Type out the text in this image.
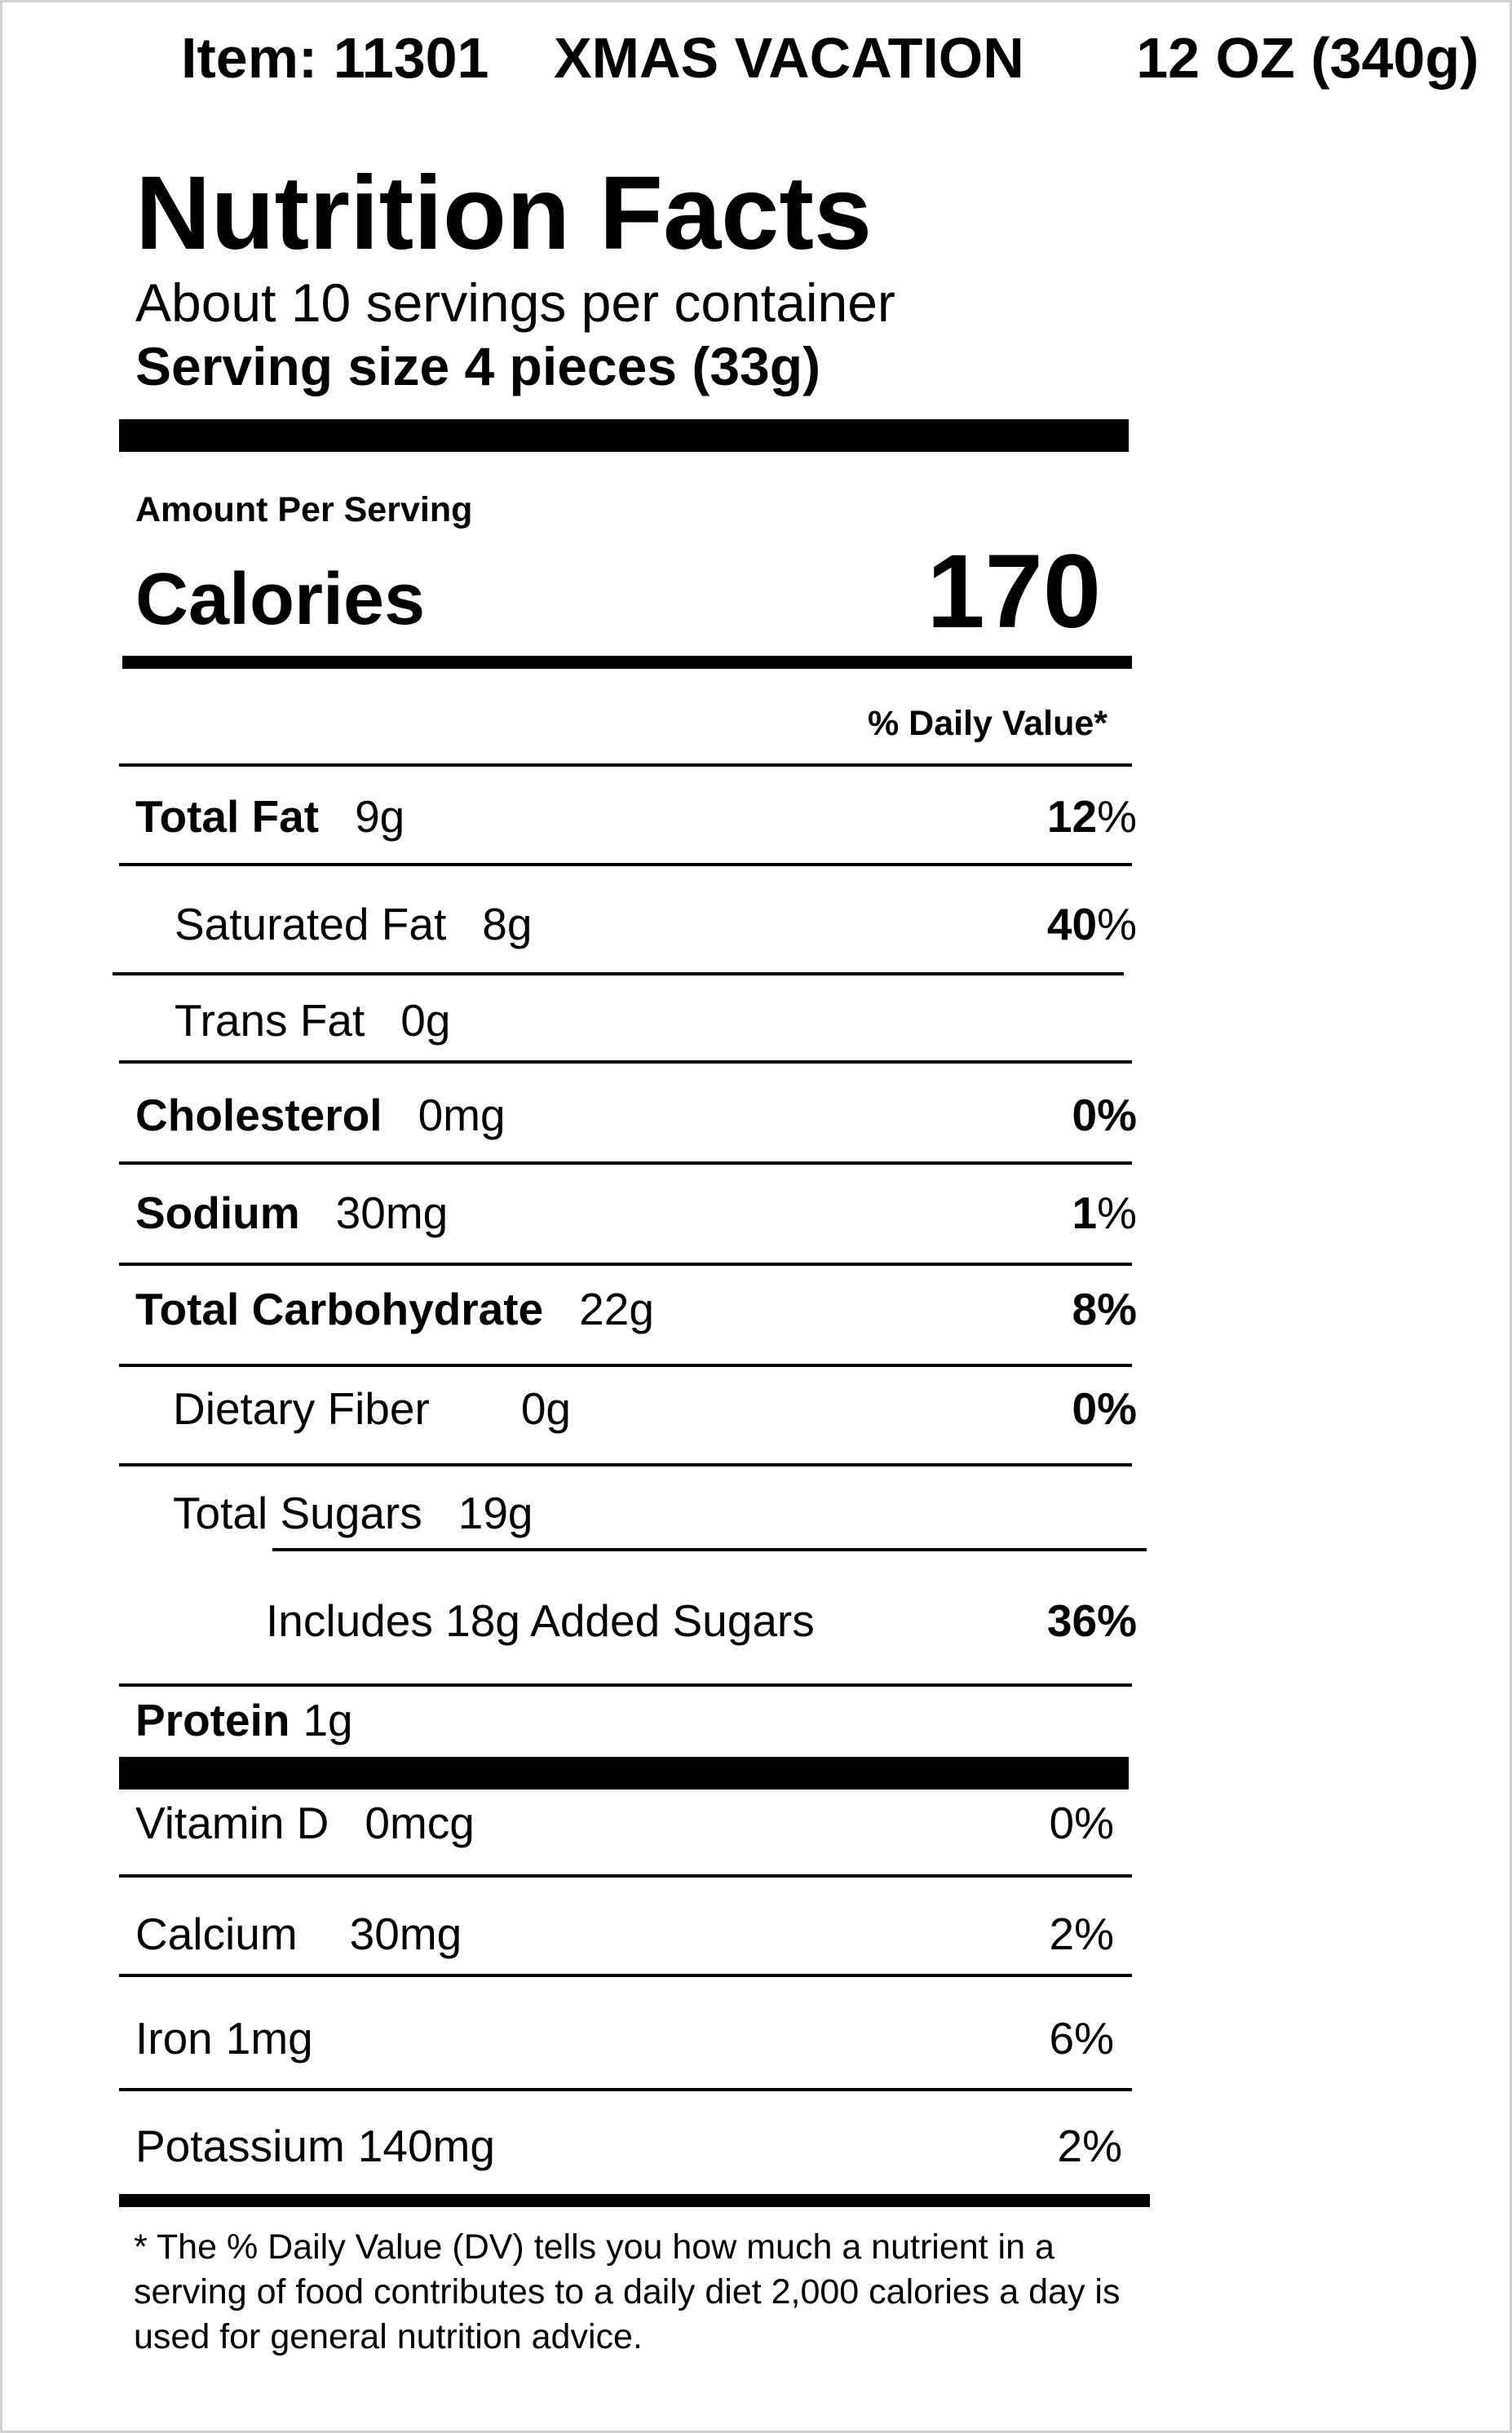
Item: 11301 XMAS VACATION 12 OZ (340g)
Nutrition Facts
About 10 servings per container
Serving size 4 pieces (33g)
Amount Per Serving
Calories	170
% Daily Value*
Total Fat 9g	12%
Saturated Fat 8g	40%
Trans Fat 0g
Cholesterol 0mg	0%
Sodium 30mg	1%
Total Carbohydrate 22g	8%
Dietary Fiber 0g	0%
Total Sugars 19g
Includes 18g Added Sugars	36%
Protein 1g
Vitamin D 0mcg	0%
Calcium 30mg	2%
Iron 1mg	6%
Potassium 140mg	2%
* The % Daily Value (DV) tells you how much a nutrient in a serving of food contributes to a daily diet 2,000 calories a day is used for general nutrition advice.
